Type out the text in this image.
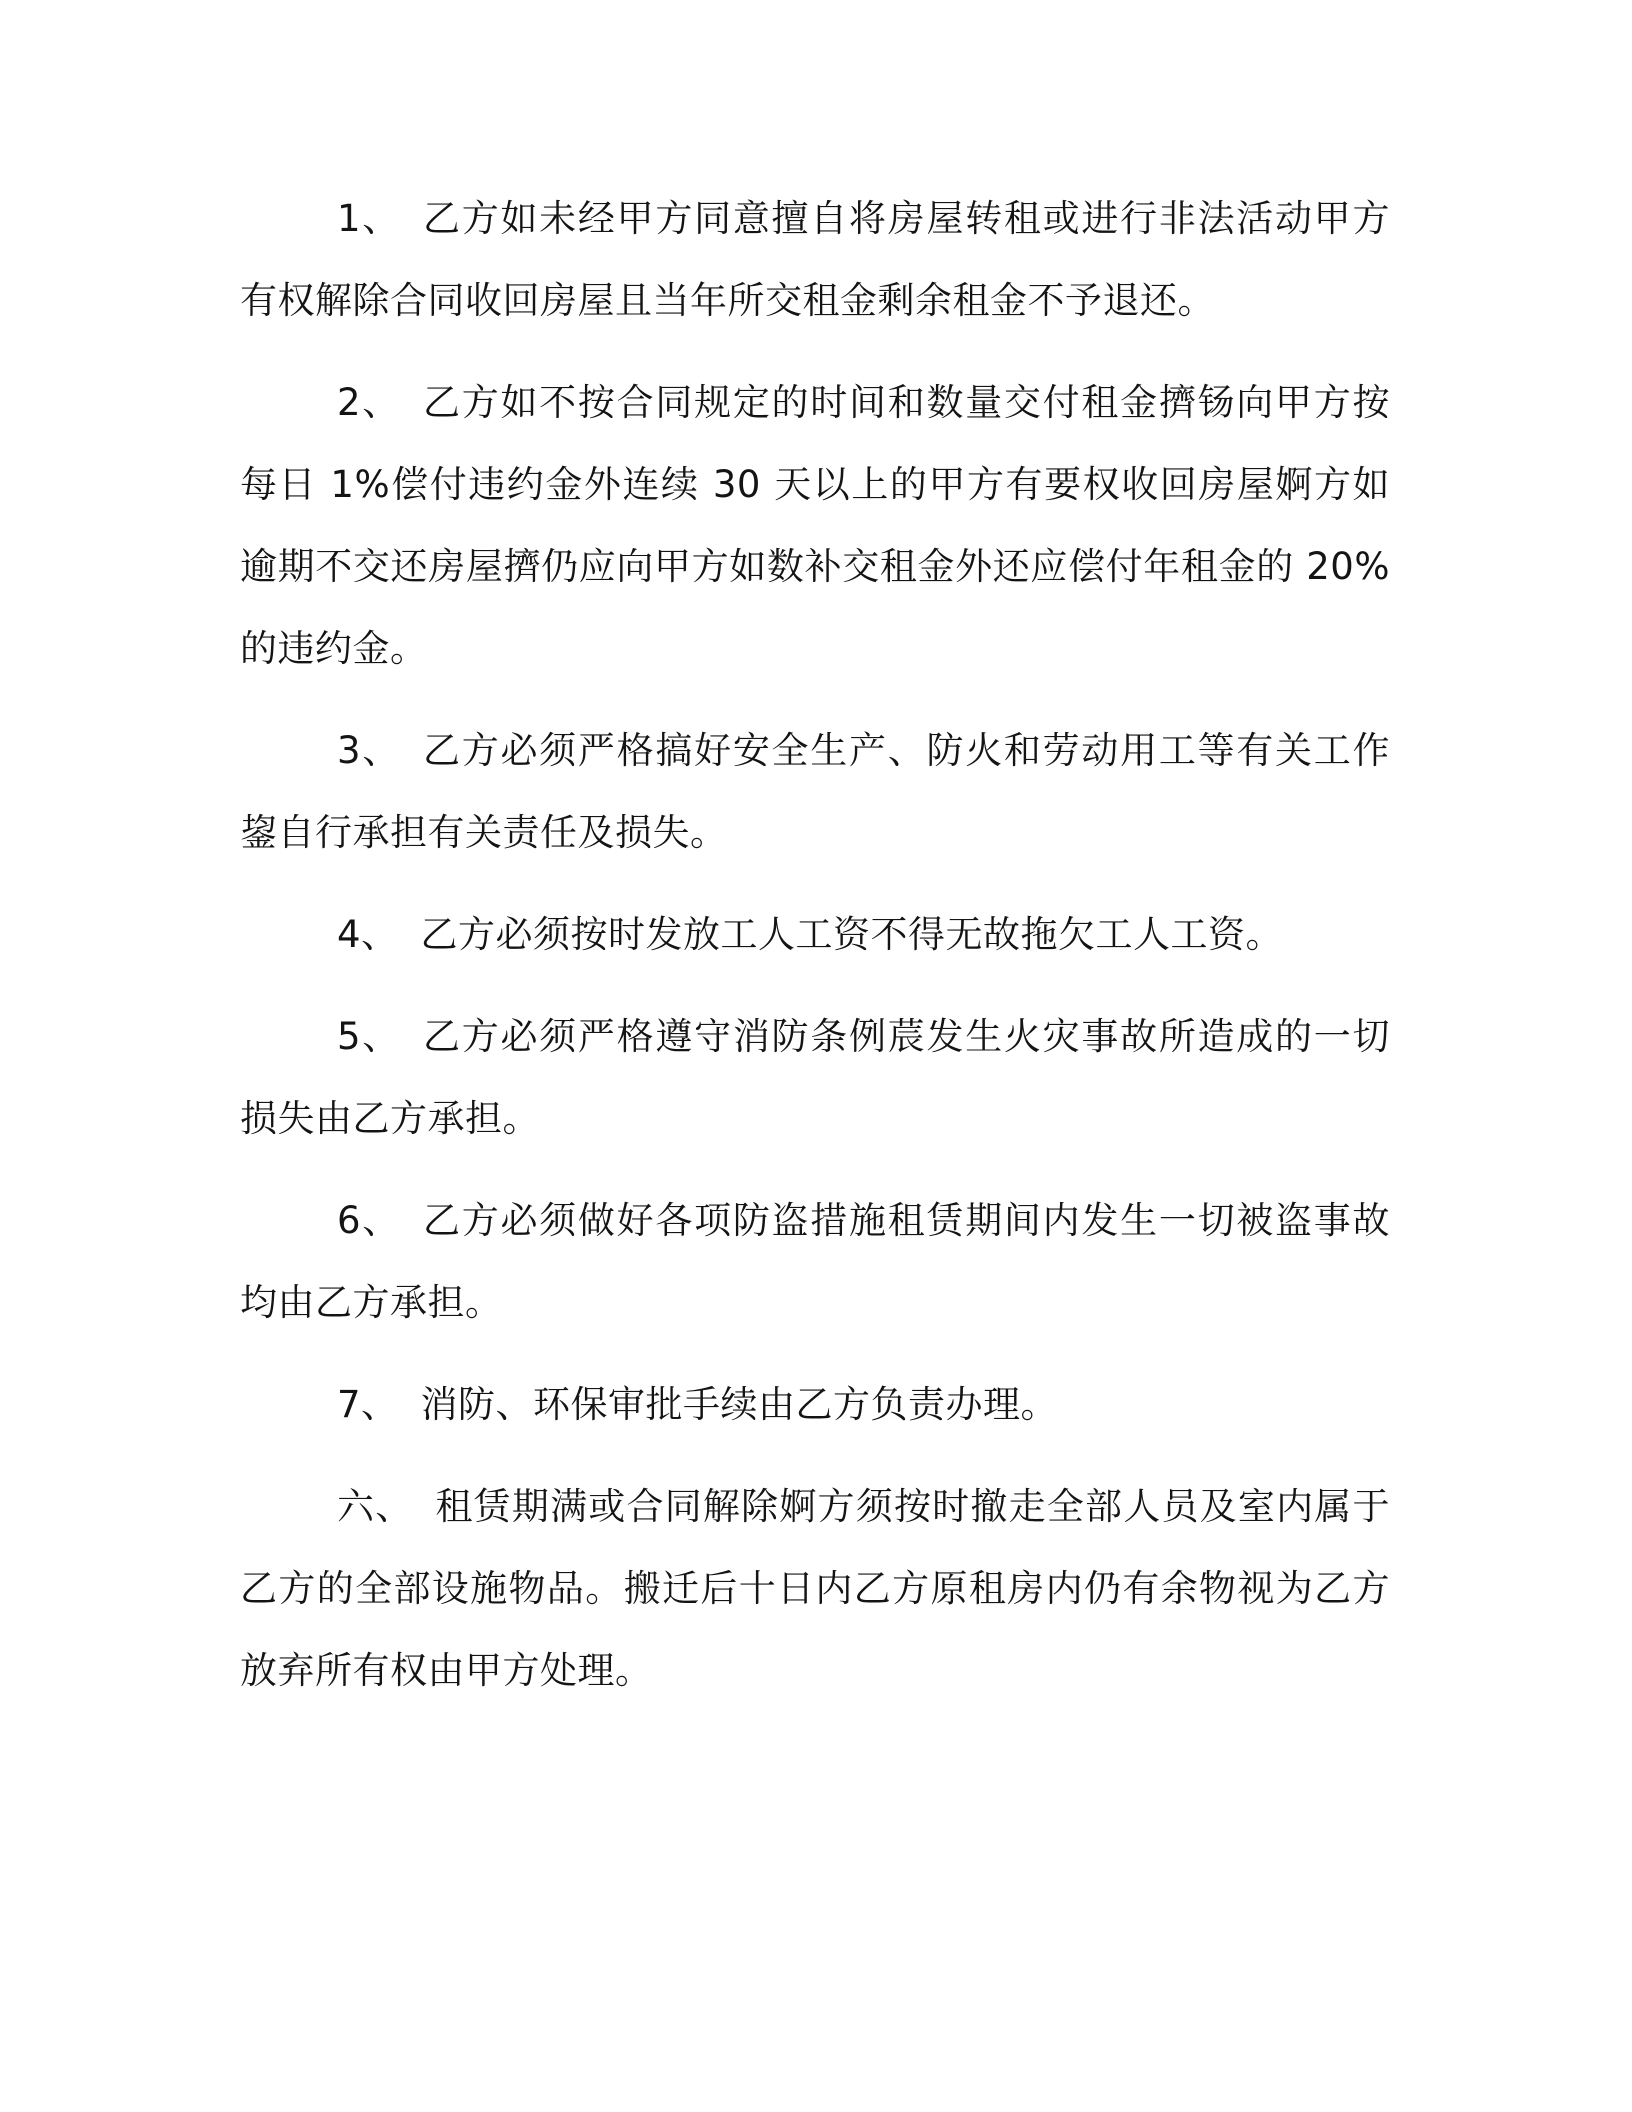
1、 乙方如未经甲方同意擅自将房屋转租或进行非法活动甲方有权解除合同收回房屋且当年所交租金剩余租金不予退还。

2、 乙方如不按合同规定的时间和数量交付租金擠钖向甲方按每日 1%偿付违约金外连续 30 天以上的甲方有要权收回房屋婀方如逾期不交还房屋擠仍应向甲方如数补交租金外还应偿付年租金的 20%的违约金。

3、 乙方必须严格搞好安全生产、防火和劳动用工等有关工作鋆自行承担有关责任及损失。

4、 乙方必须按时发放工人工资不得无故拖欠工人工资。

5、 乙方必须严格遵守消防条例莀发生火灾事故所造成的一切损失由乙方承担。

6、 乙方必须做好各项防盗措施租赁期间内发生一切被盗事故均由乙方承担。

7、 消防、环保审批手续由乙方负责办理。

六、 租赁期满或合同解除婀方须按时撤走全部人员及室内属于乙方的全部设施物品。搬迁后十日内乙方原租房内仍有余物视为乙方放弃所有权由甲方处理。
